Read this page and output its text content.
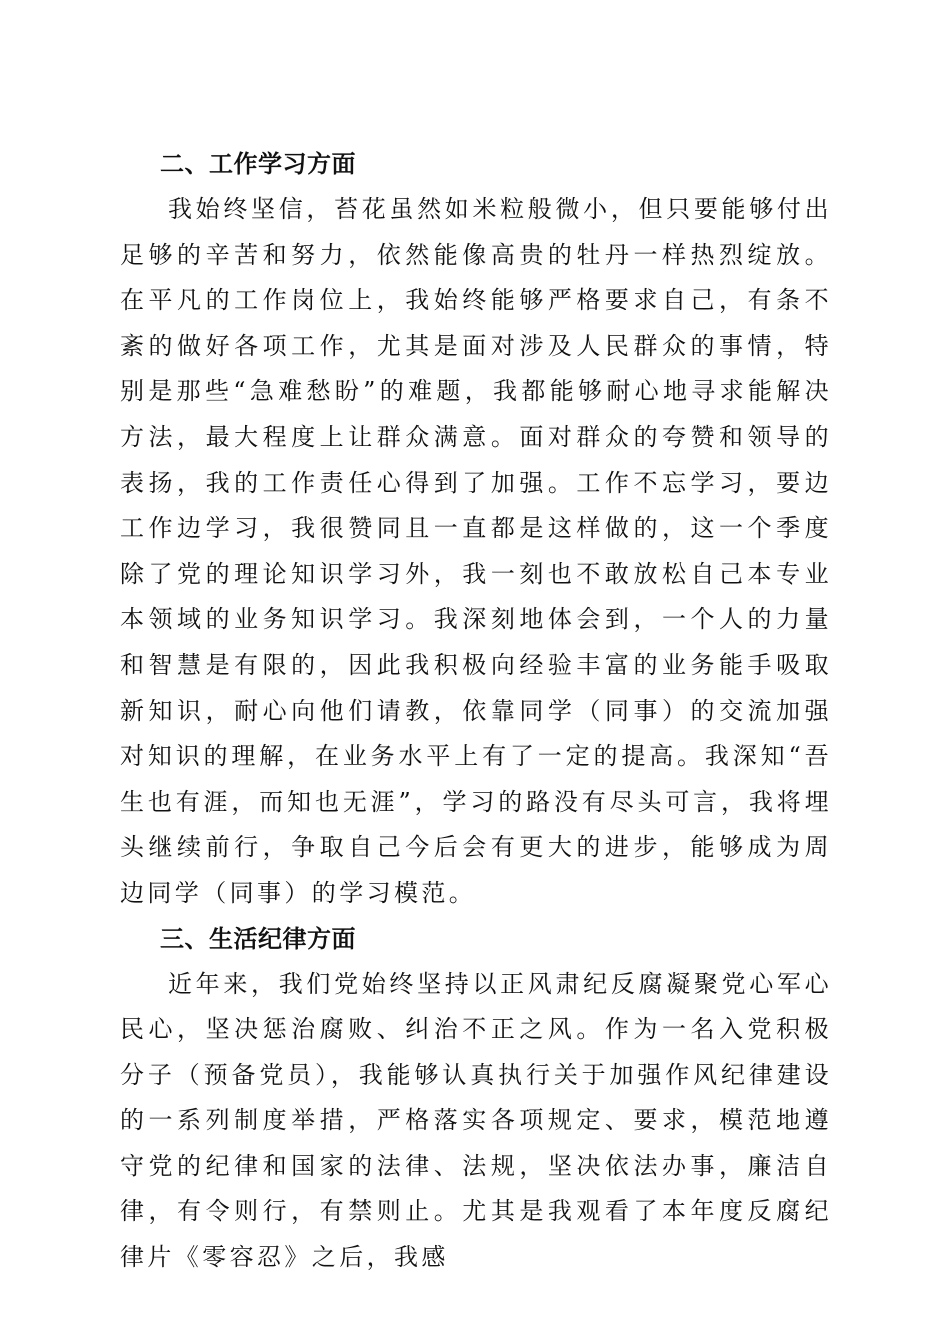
二、工作学习方面

我始终坚信，苔花虽然如米粒般微小，但只要能够付出足够的辛苦和努力，依然能像高贵的牡丹一样热烈绽放。在平凡的工作岗位上，我始终能够严格要求自己，有条不紊的做好各项工作，尤其是面对涉及人民群众的事情，特别是那些“急难愁盼”的难题，我都能够耐心地寻求能解决方法，最大程度上让群众满意。面对群众的夸赞和领导的表扬，我的工作责任心得到了加强。工作不忘学习，要边工作边学习，我很赞同且一直都是这样做的，这一个季度除了党的理论知识学习外，我一刻也不敢放松自己本专业本领域的业务知识学习。我深刻地体会到，一个人的力量和智慧是有限的，因此我积极向经验丰富的业务能手吸取新知识，耐心向他们请教，依靠同学（同事）的交流加强对知识的理解，在业务水平上有了一定的提高。我深知“吾生也有涯，而知也无涯”，学习的路没有尽头可言，我将埋头继续前行，争取自己今后会有更大的进步，能够成为周边同学（同事）的学习模范。

三、生活纪律方面

近年来，我们党始终坚持以正风肃纪反腐凝聚党心军心民心，坚决惩治腐败、纠治不正之风。作为一名入党积极分子（预备党员），我能够认真执行关于加强作风纪律建设的一系列制度举措，严格落实各项规定、要求，模范地遵守党的纪律和国家的法律、法规，坚决依法办事，廉洁自律，有令则行，有禁则止。尤其是我观看了本年度反腐纪律片《零容忍》之后，我感
